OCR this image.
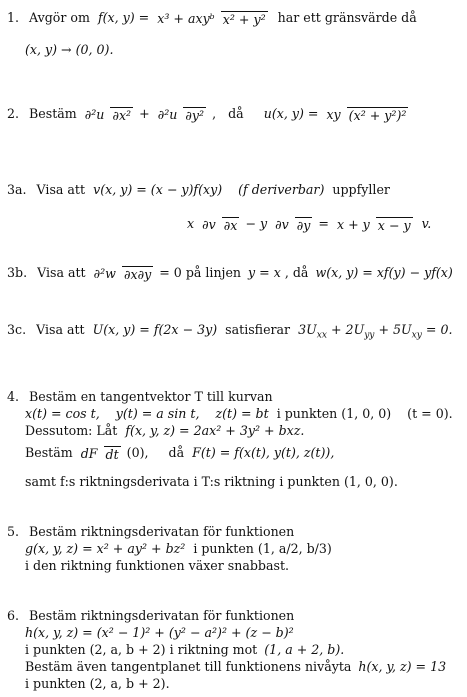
1. Avgör om f(x, y) = x³ + axyᵇ x² + y² har ett gränsvärde då
(x, y) → (0, 0).
2. Bestäm ∂²u ∂x² + ∂²u ∂y² ,   då u(x, y) = xy (x² + y²)²
3a. Visa att v(x, y) = (x − y)f(xy) (f deriverbar) uppfyller
x ∂v ∂x − y ∂v ∂y = x + y x − y v.
3b. Visa att ∂²w ∂x∂y = 0 på linjen y = x , då w(x, y) = xf(y) − yf(x)
3c. Visa att U(x, y) = f(2x − 3y) satisfierar $3U_{xx} + 2U_{yy} + 5U_{xy} = 0$.
4. Bestäm en tangentvektor T till kurvan
x(t) = cos t,    y(t) = a sin t,    z(t) = bt i punkten (1, 0, 0)    (t = 0).
Dessutom: Låt f(x, y, z) = 2ax² + 3y² + bxz.
Bestäm dF dt (0),     då F(t) = f(x(t), y(t), z(t)),
samt f:s riktningsderivata i T:s riktning i punkten (1, 0, 0).
5. Bestäm riktningsderivatan för funktionen
g(x, y, z) = x² + ay² + bz² i punkten (1, a/2, b/3)
i den riktning funktionen växer snabbast.
6. Bestäm riktningsderivatan för funktionen
h(x, y, z) = (x² − 1)² + (y² − a²)² + (z − b)²
i punkten (2, a, b + 2) i riktning mot (1, a + 2, b).
Bestäm även tangentplanet till funktionens nivåyta h(x, y, z) = 13
i punkten (2, a, b + 2).
